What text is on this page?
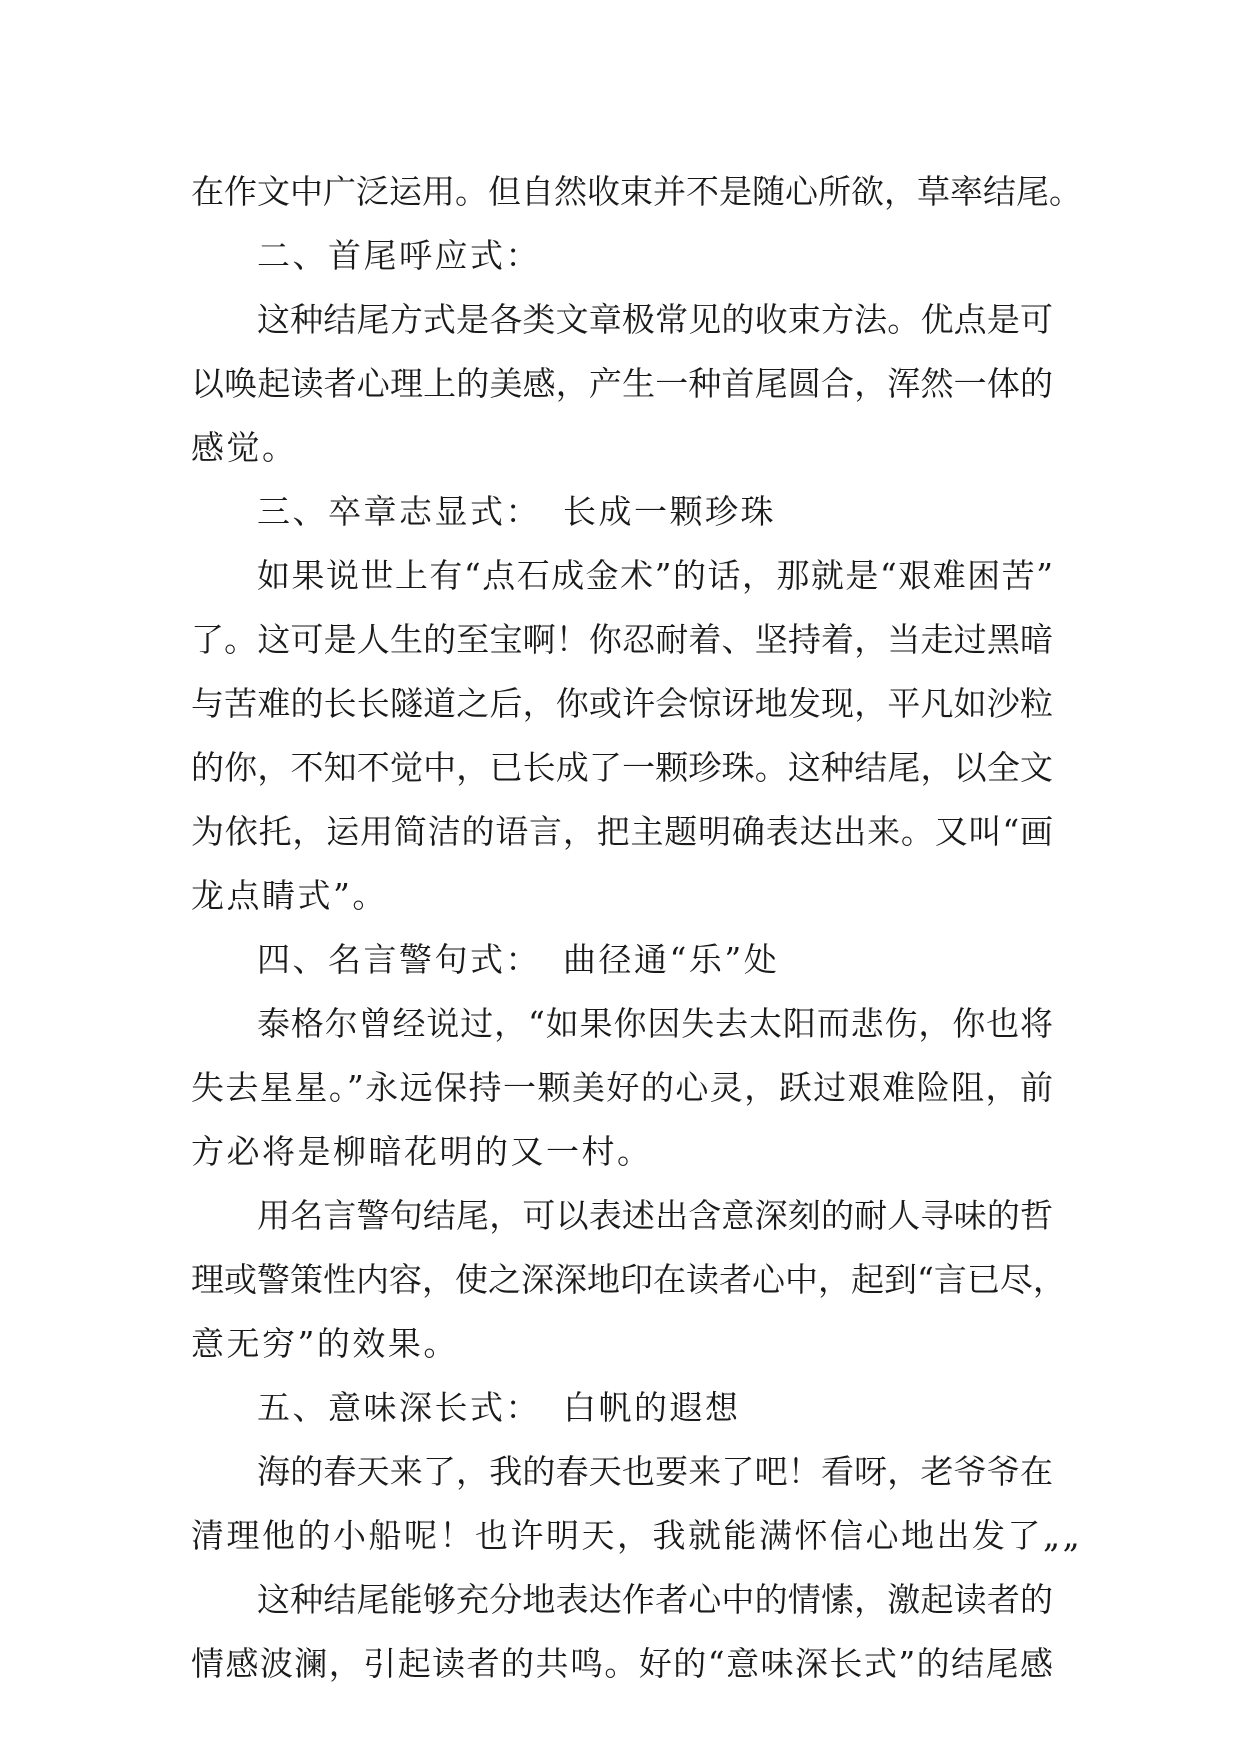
在作文中广泛运用。但自然收束并不是随心所欲，草率结尾。

二、首尾呼应式：

这种结尾方式是各类文章极常见的收束方法。优点是可

以唤起读者心理上的美感，产生一种首尾圆合，浑然一体的

感觉。

三、卒章志显式： 长成一颗珍珠

如果说世上有“点石成金术”的话，那就是“艰难困苦”

了。这可是人生的至宝啊！你忍耐着、坚持着，当走过黑暗

与苦难的长长隧道之后，你或许会惊讶地发现，平凡如沙粒

的你，不知不觉中，已长成了一颗珍珠。这种结尾，以全文

为依托，运用简洁的语言，把主题明确表达出来。又叫“画

龙点睛式”。

四、名言警句式： 曲径通“乐”处

泰格尔曾经说过，“如果你因失去太阳而悲伤，你也将

失去星星。”永远保持一颗美好的心灵，跃过艰难险阻，前

方必将是柳暗花明的又一村。

用名言警句结尾，可以表述出含意深刻的耐人寻味的哲

理或警策性内容，使之深深地印在读者心中，起到“言已尽，

意无穷”的效果。

五、意味深长式： 白帆的遐想

海的春天来了，我的春天也要来了吧！看呀，老爷爷在

清理他的小船呢！也许明天，我就能满怀信心地出发了„„

这种结尾能够充分地表达作者心中的情愫，激起读者的

情感波澜，引起读者的共鸣。好的“意味深长式”的结尾感
